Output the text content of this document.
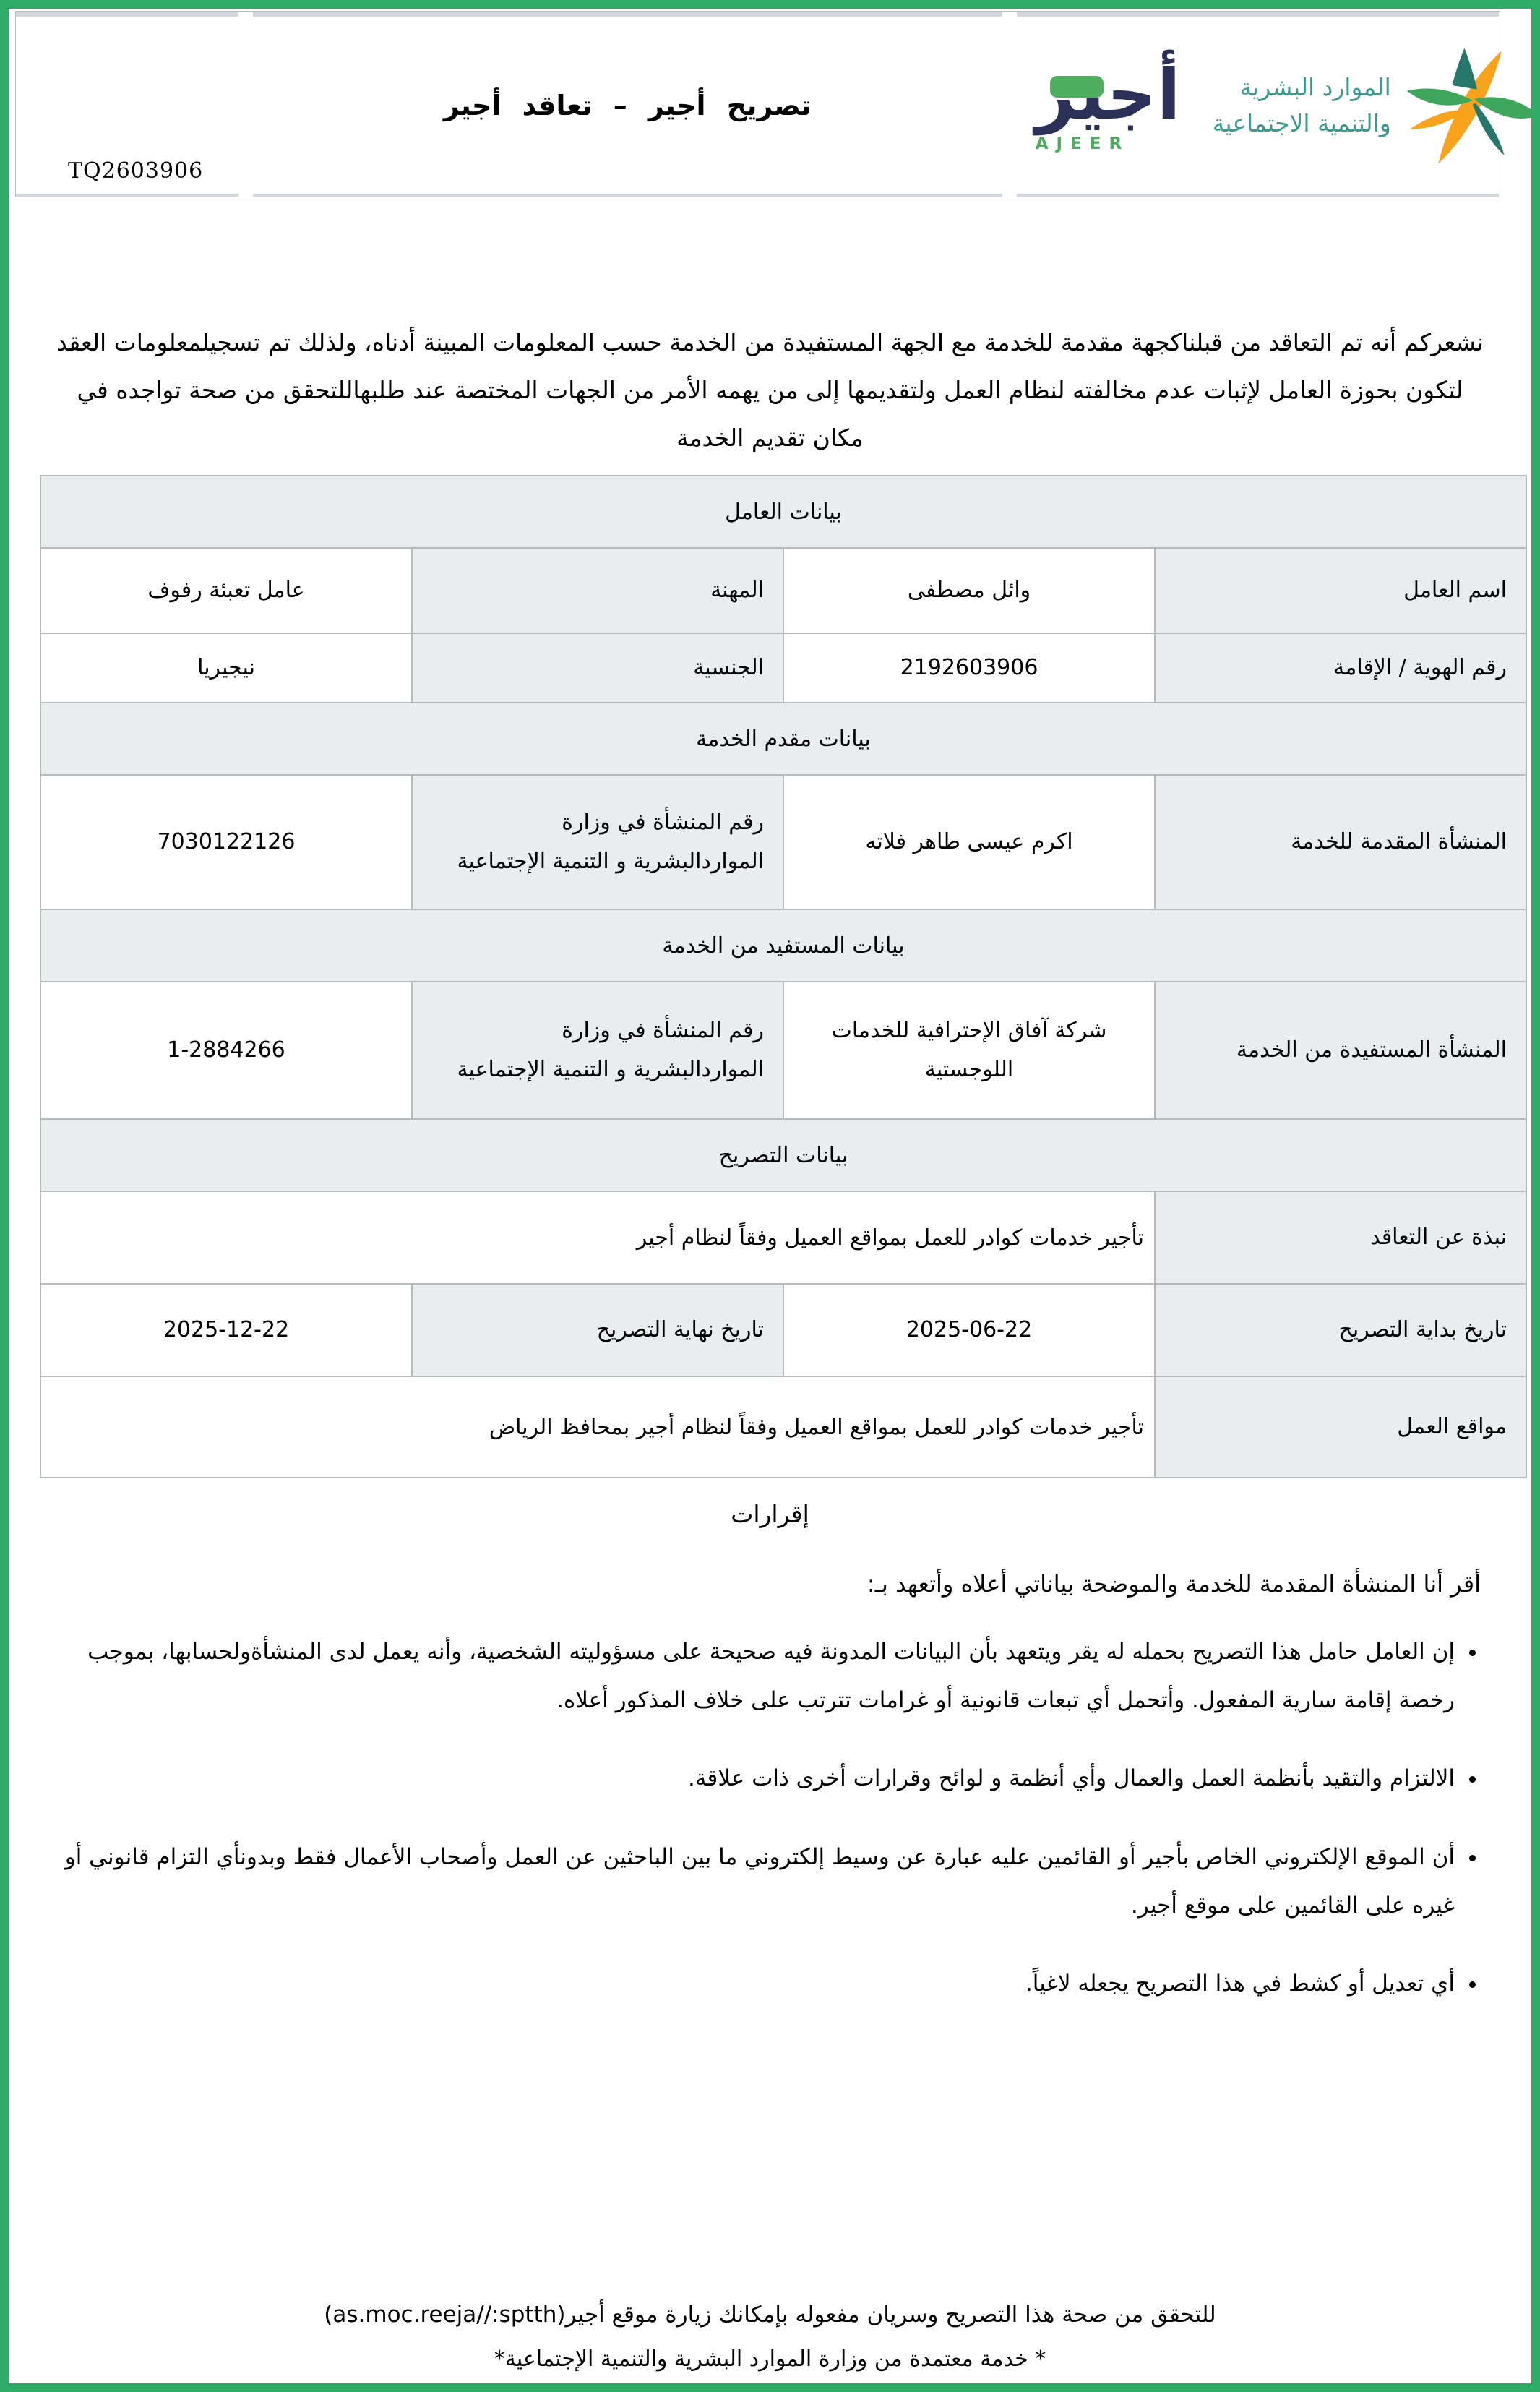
TQ2603906
تصريح أجير – تعاقد أجير	أجير
AJEER
الموارد البشرية
والتنمية الاجتماعية

نشعركم أنه تم التعاقد من قبلناكجهة مقدمة للخدمة مع الجهة المستفيدة من الخدمة حسب المعلومات المبينة أدناه، ولذلك تم تسجيلمعلومات العقد لتكون بحوزة العامل لإثبات عدم مخالفته لنظام العمل ولتقديمها إلى من يهمه الأمر من الجهات المختصة عند طلبهاللتحقق من صحة تواجده في مكان تقديم الخدمة

بيانات العامل			
اسم العامل	وائل مصطفى	المهنة	عامل تعبئة رفوف
رقم الهوية / الإقامة	2192603906	الجنسية	نيجيريا
بيانات مقدم الخدمة			
المنشأة المقدمة للخدمة	اكرم عيسى طاهر فلاته	رقم المنشأة في وزارة المواردالبشرية و التنمية الإجتماعية	7030122126
بيانات المستفيد من الخدمة			
المنشأة المستفيدة من الخدمة	شركة آفاق الإحترافية للخدمات اللوجستية	رقم المنشأة في وزارة المواردالبشرية و التنمية الإجتماعية	1-2884266
بيانات التصريح			
نبذة عن التعاقد	تأجير خدمات كوادر للعمل بمواقع العميل وفقاً لنظام أجير		
تاريخ بداية التصريح	2025-06-22	تاريخ نهاية التصريح	2025-12-22
مواقع العمل	تأجير خدمات كوادر للعمل بمواقع العميل وفقاً لنظام أجير بمحافظ الرياض		
إقرارات

أقر أنا المنشأة المقدمة للخدمة والموضحة بياناتي أعلاه وأتعهد بـ:

• إن العامل حامل هذا التصريح بحمله له يقر ويتعهد بأن البيانات المدونة فيه صحيحة على مسؤوليته الشخصية، وأنه يعمل لدى المنشأةولحسابها، بموجب رخصة إقامة سارية المفعول. وأتحمل أي تبعات قانونية أو غرامات تترتب على خلاف المذكور أعلاه.
• الالتزام والتقيد بأنظمة العمل والعمال وأي أنظمة و لوائح وقرارات أخرى ذات علاقة.
• أن الموقع الإلكتروني الخاص بأجير أو القائمين عليه عبارة عن وسيط إلكتروني ما بين الباحثين عن العمل وأصحاب الأعمال فقط وبدونأي التزام قانوني أو غيره على القائمين على موقع أجير.
• أي تعديل أو كشط في هذا التصريح يجعله لاغياً.

للتحقق من صحة هذا التصريح وسريان مفعوله بإمكانك زيارة موقع أجير(as.moc.reeja//:sptth)

* خدمة معتمدة من وزارة الموارد البشرية والتنمية الإجتماعية*
